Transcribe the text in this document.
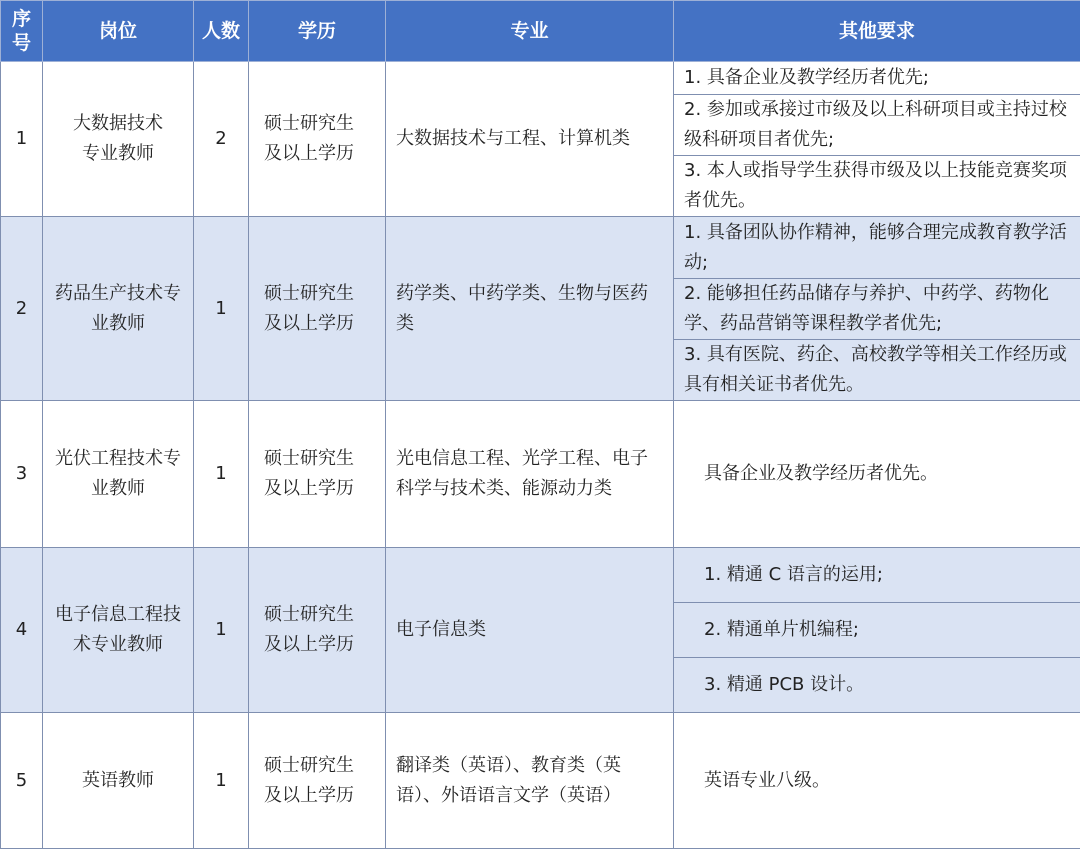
序号	岗位	人数	学历	专业	其他要求
1	大数据技术专业教师	2	硕士研究生及以上学历	大数据技术与工程、计算机类	1. 具备企业及教学经历者优先;
2. 参加或承接过市级及以上科研项目或主持过校级科研项目者优先;
3. 本人或指导学生获得市级及以上技能竞赛奖项者优先。

2	药品生产技术专业教师	1	硕士研究生及以上学历	药学类、中药学类、生物与医药类	1. 具备团队协作精神，能够合理完成教育教学活动;
2. 能够担任药品储存与养护、中药学、药物化学、药品营销等课程教学者优先;
3. 具有医院、药企、高校教学等相关工作经历或具有相关证书者优先。

3	光伏工程技术专业教师	1	硕士研究生及以上学历	光电信息工程、光学工程、电子科学与技术类、能源动力类	具备企业及教学经历者优先。

4	电子信息工程技术专业教师	1	硕士研究生及以上学历	电子信息类	1. 精通 C 语言的运用;
2. 精通单片机编程;
3. 精通 PCB 设计。

5	英语教师	1	硕士研究生及以上学历	翻译类（英语）、教育类（英语）、外语语言文学（英语）	英语专业八级。
